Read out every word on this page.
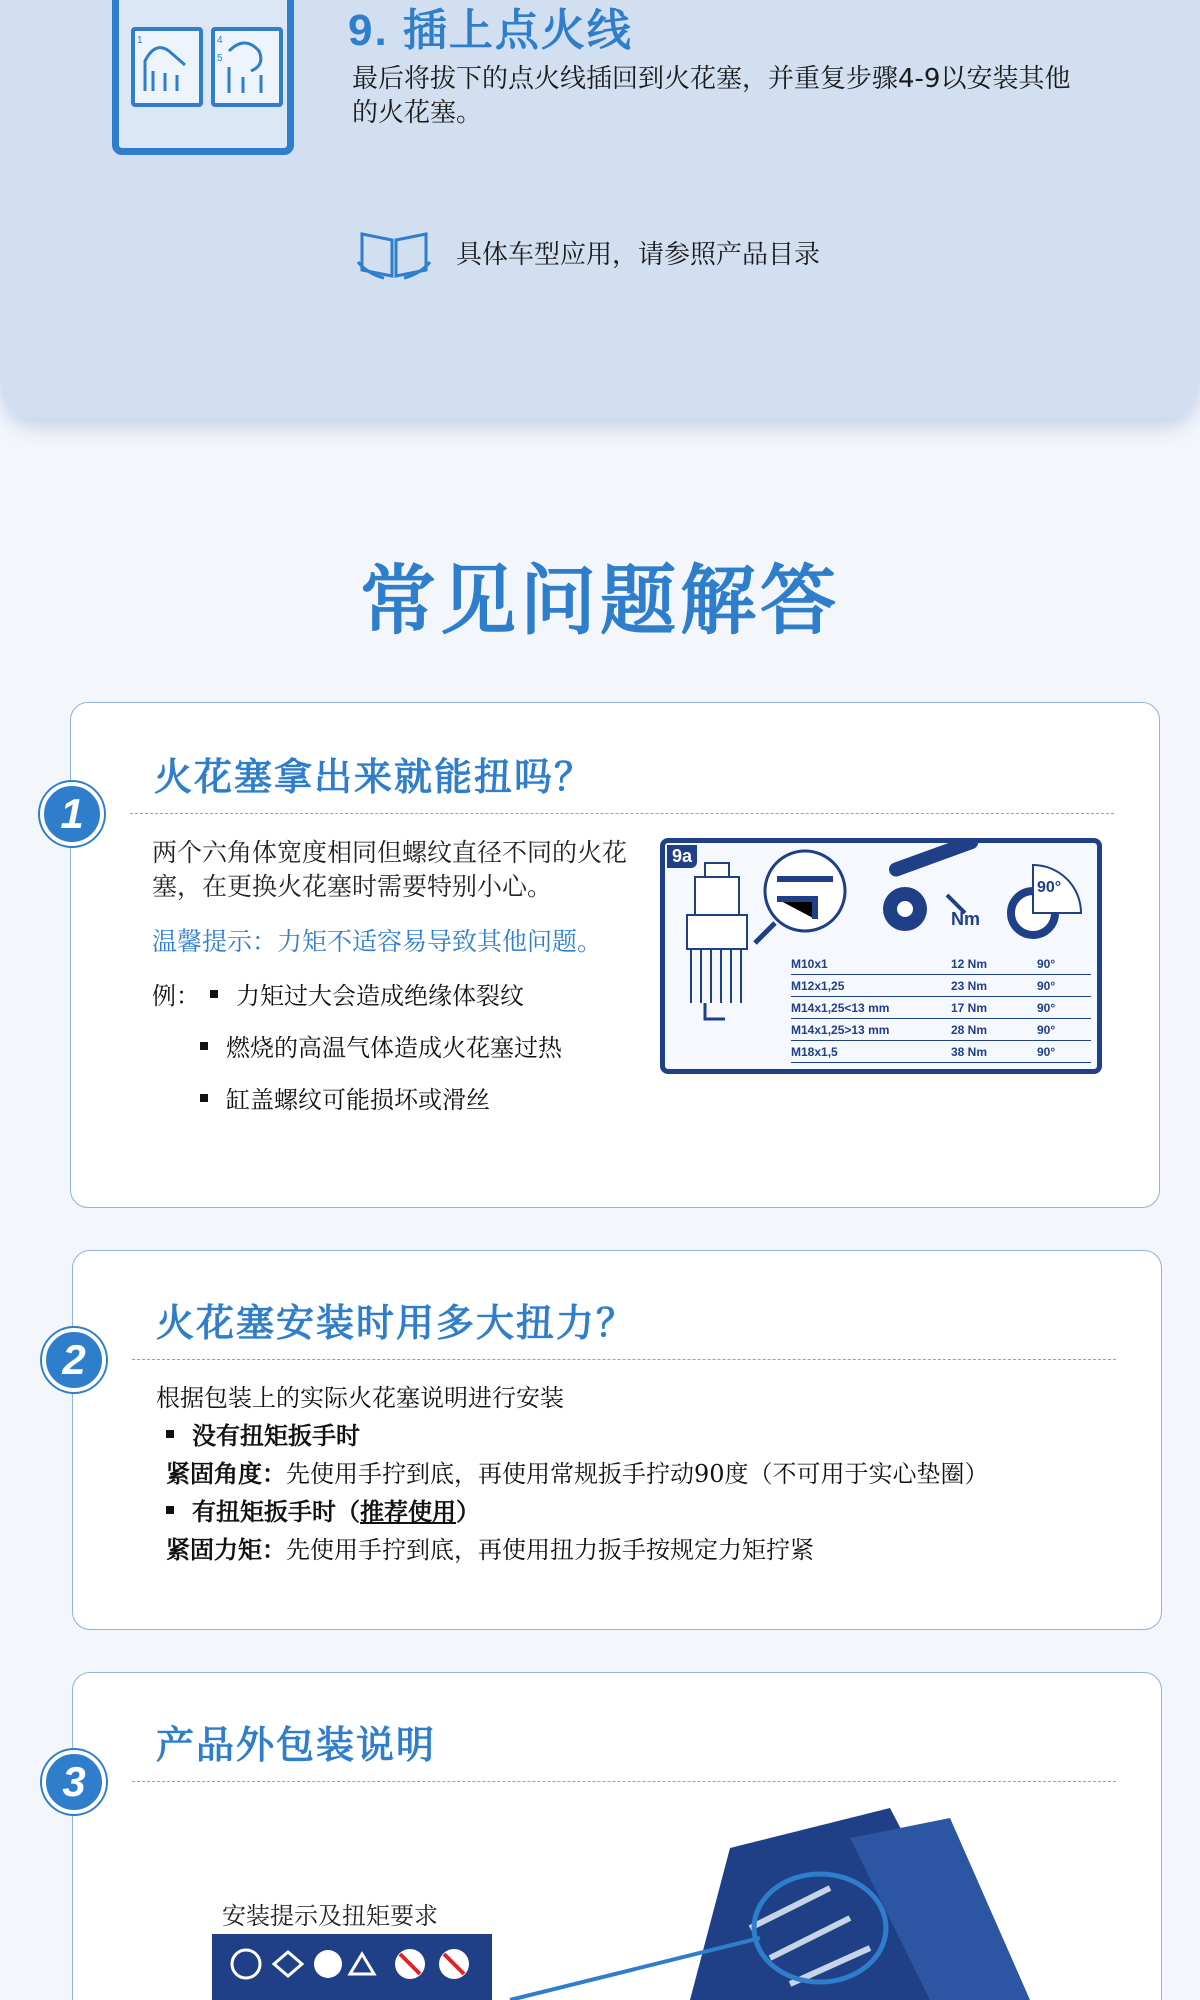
1	4
5
9. 插上点火线
最后将拔下的点火线插回到火花塞，并重复步骤4-9以安装其他的火花塞。
具体车型应用，请参照产品目录
常见问题解答
1
火花塞拿出来就能扭吗？
两个六角体宽度相同但螺纹直径不同的火花塞，在更换火花塞时需要特别小心。
温馨提示：力矩不适容易导致其他问题。
例： 力矩过大会造成绝缘体裂纹
燃烧的高温气体造成火花塞过热
缸盖螺纹可能损坏或滑丝
9a
Nm
90°
M10x1	12 Nm	90°
M12x1,25	23 Nm	90°
M14x1,25<13 mm	17 Nm	90°
M14x1,25>13 mm	28 Nm	90°
M18x1,5	38 Nm	90°
2
火花塞安装时用多大扭力？
根据包装上的实际火花塞说明进行安装
没有扭矩扳手时
紧固角度：先使用手拧到底，再使用常规扳手拧动90度（不可用于实心垫圈）
有扭矩扳手时（ 推荐使用 ）
紧固力矩：先使用手拧到底，再使用扭力扳手按规定力矩拧紧
3
产品外包装说明
安装提示及扭矩要求
